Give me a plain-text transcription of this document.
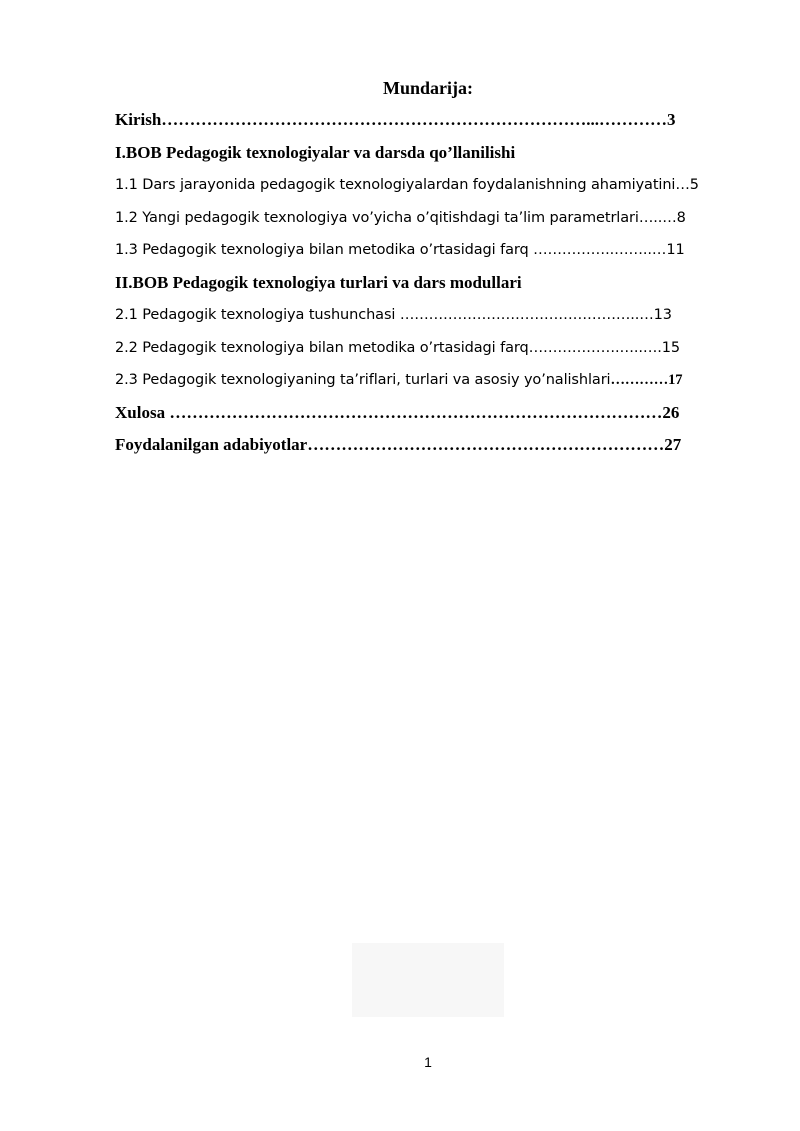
Mundarija:
Kirish…………………………………………………………………...…………3
I.BOB Pedagogik texnologiyalar va darsda qo’llanilishi
1.1 Dars jarayonida pedagogik texnologiyalardan foydalanishning ahamiyatini…5
1.2 Yangi pedagogik texnologiya vo’yicha o’qitishdagi ta’lim parametrlari…..…8
1.3 Pedagogik texnologiya bilan metodika o’rtasidagi farq ……………..……..…11
II.BOB Pedagogik texnologiya turlari va dars modullari
2.1 Pedagogik texnologiya tushunchasi …………………………………………..…13
2.2 Pedagogik texnologiya bilan metodika o’rtasidagi farq……………….…..….15
2.3 Pedagogik texnologiyaning ta’riflari, turlari va asosiy yo’nalishlari…………17
Xulosa ……………………………………………………………………………26
Foydalanilgan adabiyotlar………………………………………………………27
1
